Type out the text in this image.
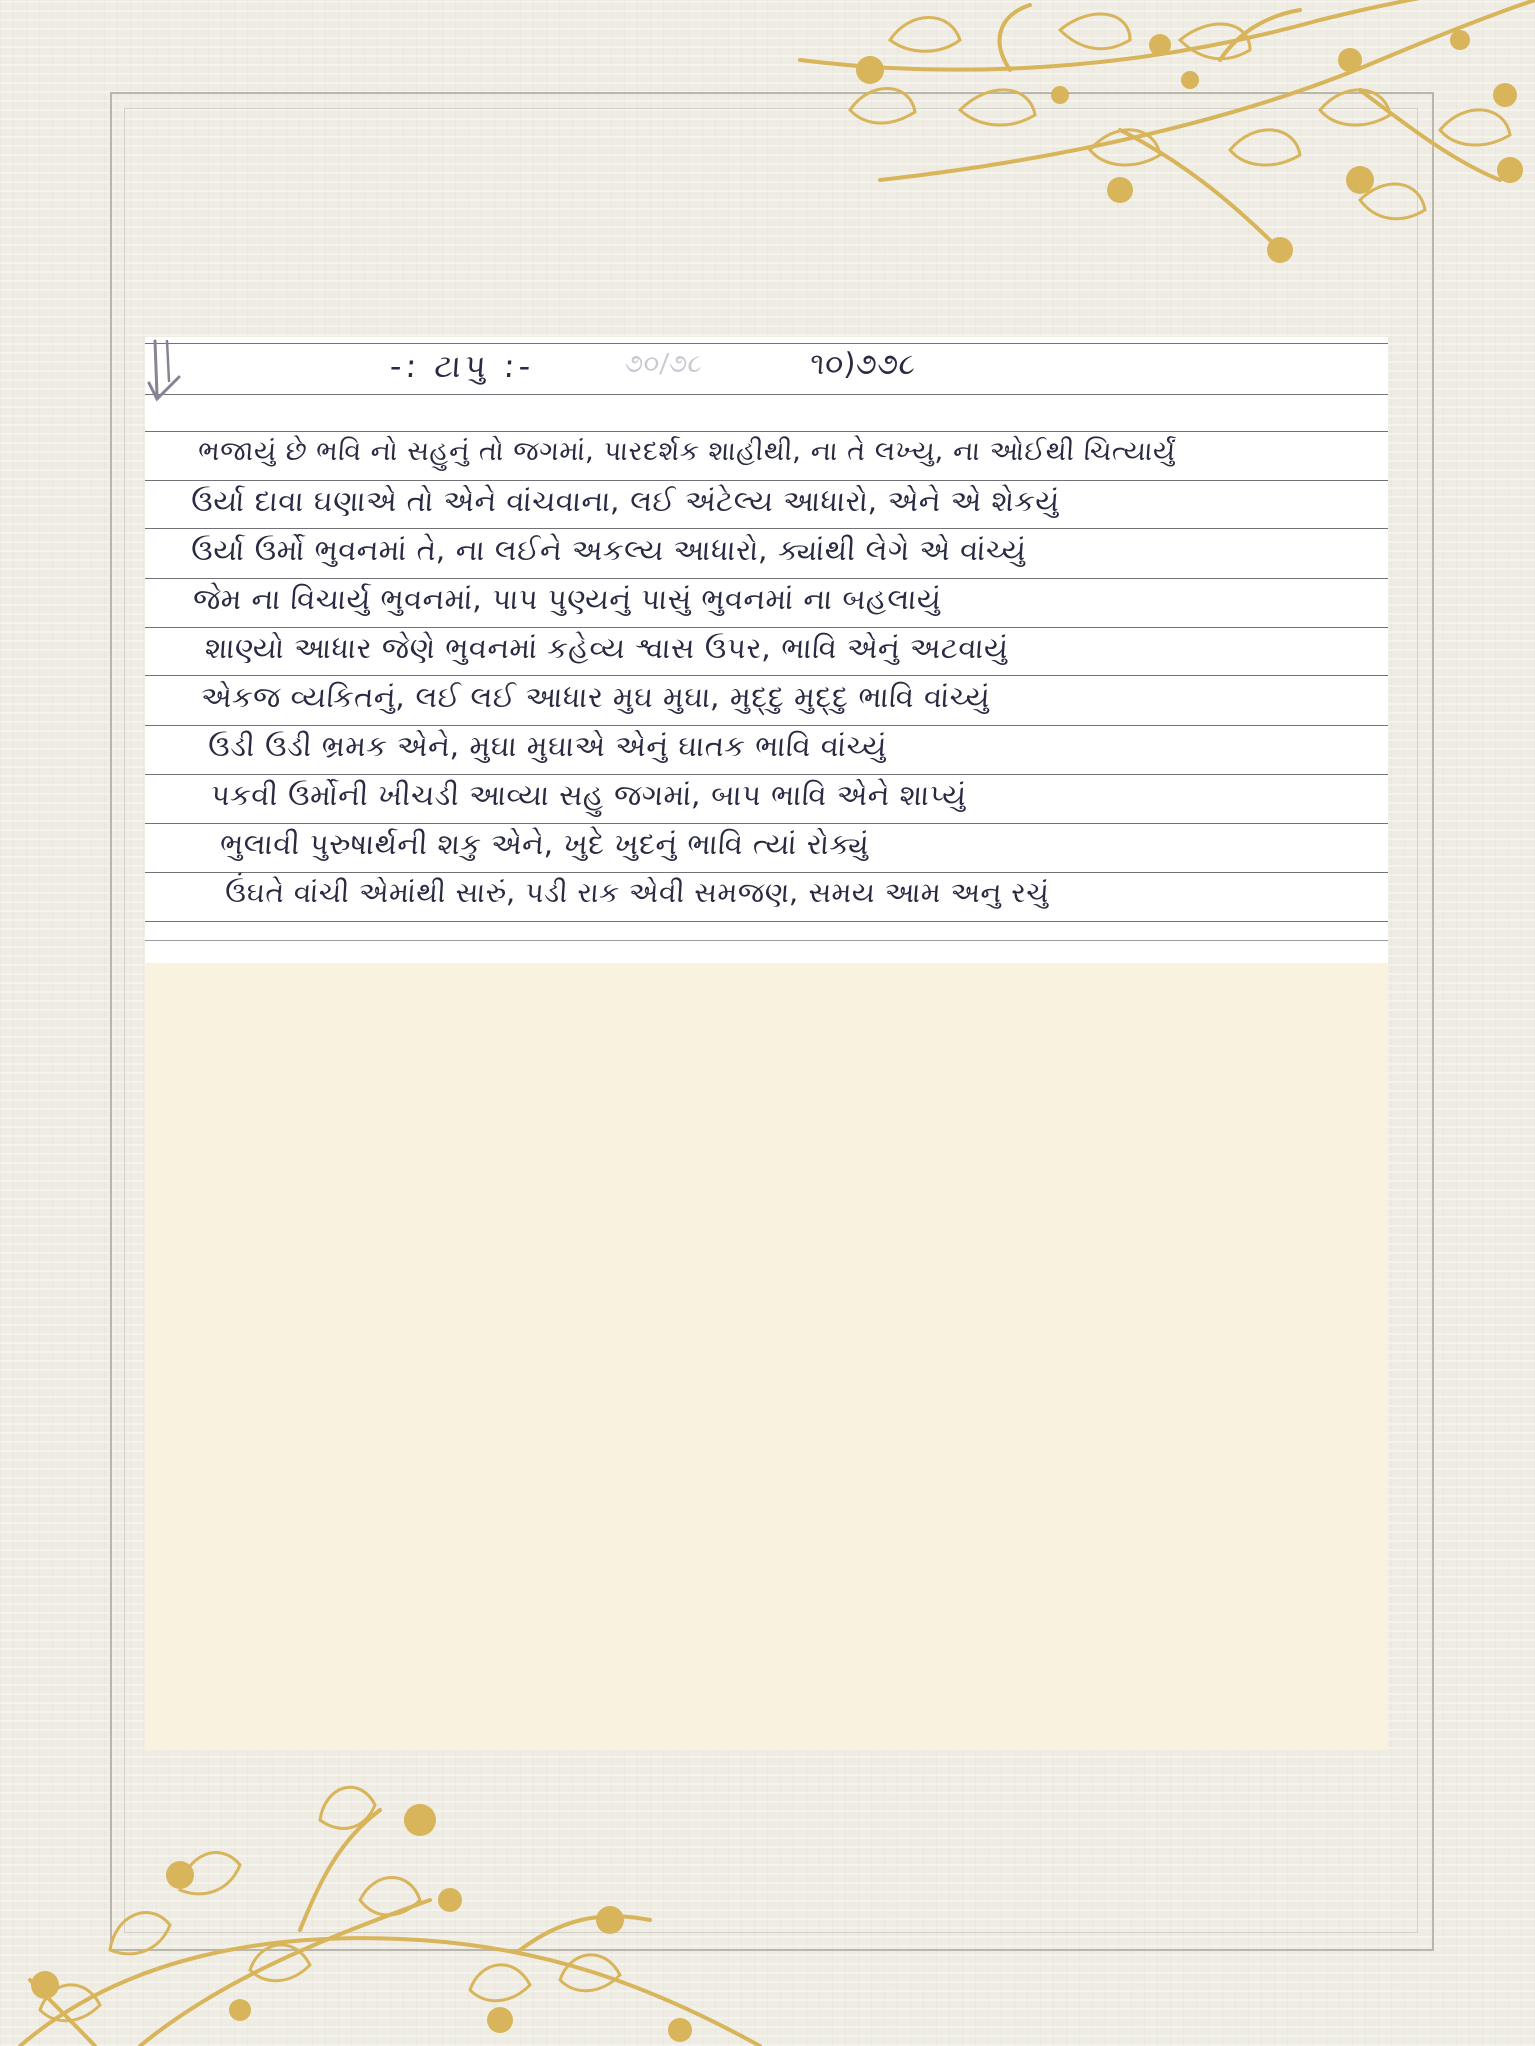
-: ટાપુ :-	૭૦/૭૮	૧૦)૭૭૮
ભજાયું છે ભવિ નો સહુનું તો જગમાં, પારદર્શક શાહીથી, ના તે લખ્યુ, ના ઓઈથી ચિત્યાર્યું
ઉર્યા દાવા ઘણાએ તો એને વાંચવાના, લઈ અંટેલ્ય આધારો, એને એ શેકયું
ઉર્યા ઉર્મો ભુવનમાં તે, ના લઈને અકલ્ય આધારો, ક્યાંથી લેગે એ વાંચ્યું
જેમ ના વિચાર્યુ ભુવનમાં, પાપ પુણ્યનું પાસું ભુવનમાં ના બહલાયું
શાણ્યો આધાર જેણે ભુવનમાં કહેવ્ય શ્વાસ ઉપર, ભાવિ એનું અટવાયું
એકજ વ્યકિતનું, લઈ લઈ આધાર મુઘ મુઘા, મુદ્દુ મુદ્દુ ભાવિ વાંચ્યું
ઉડી ઉડી ભ્રમક એને, મુઘા મુઘાએ એનું ઘાતક ભાવિ વાંચ્યું
પકવી ઉર્મોની ખીચડી આવ્યા સહુ જગમાં, બાપ ભાવિ એને શાપ્યું
ભુલાવી પુરુષાર્થની શકુ એને, ખુદે ખુદનું ભાવિ ત્યાં રોક્યું
ઉંઘતે વાંચી એમાંથી સારું, પડી રાક એવી સમજણ, સમય આમ અનુ રચું
